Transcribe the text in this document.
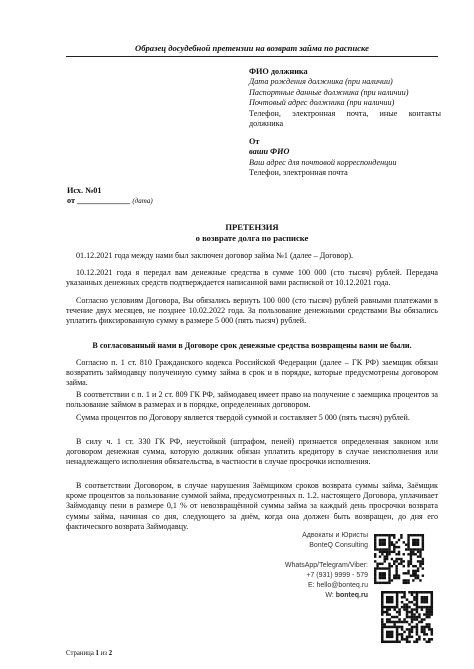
Образец досудебной претензии на возврат займа по расписке
ФИО должника
Дата рождения должника (при наличии)
Паспортные данные должника (при наличии)
Почтовый адрес должника (при наличии)
Телефон, электронная почта, иные контакты
должника
От
ваши ФИО
Ваш адрес для почтовой корреспонденции
Телефон, электронная почта
Исх. №01
от _____________ (дата)
ПРЕТЕНЗИЯ
о возврате долга по расписке
01.12.2021 года между нами был заключен договор займа №1 (далее – Договор).
10.12.2021 года я передал вам денежные средства в сумме 100 000 (сто тысяч) рублей. Передача указанных денежных средств подтверждается написанной вами распиской от 10.12.2021 года.
Согласно условиям Договора, Вы обязались вернуть 100 000 (сто тысяч) рублей равными платежами в течение двух месяцев, не позднее 10.02.2022 года. За пользование денежными средствами Вы обязались уплатить фиксированную сумму в размере 5 000 (пять тысяч) рублей.
В согласованный нами в Договоре срок денежные средства возвращены вами не были.
Согласно п. 1 ст. 810 Гражданского кодекса Российской Федерации (далее – ГК РФ) заемщик обязан возвратить займодавцу полученную сумму займа в срок и в порядке, которые предусмотрены договором займа.
В соответствии с п. 1 и 2 ст. 809 ГК РФ, займодавец имеет право на получение с заемщика процентов за пользование займом в размерах и в порядке, определенных договором.
Сумма процентов по Договору является твердой суммой и составляет 5 000 (пять тысяч) рублей.
В силу ч. 1 ст. 330 ГК РФ, неустойкой (штрафом, пеней) признается определенная законом или договором денежная сумма, которую должник обязан уплатить кредитору в случае неисполнения или ненадлежащего исполнения обязательства, в частности в случае просрочки исполнения.
В соответствии Договором, в случае нарушения Заёмщиком сроков возврата суммы займа, Заёмщик кроме процентов за пользование суммой займа, предусмотренных п. 1.2. настоящего Договора, уплачивает Займодавцу пени в размере 0,1 % от невозвращённой суммы займа за каждый день просрочки возврата суммы займа, начиная со дня, следующего за днём, когда она должен быть возвращен, до дня его фактического возврата Займодавцу.
Адвокаты и Юристы
BonteQ Consulting
WhatsApp/Telegram/Viber:
+7 (931) 9999 - 579
E: hello@bonteq.ru
W: bonteq.ru
Страница 1 из 2
